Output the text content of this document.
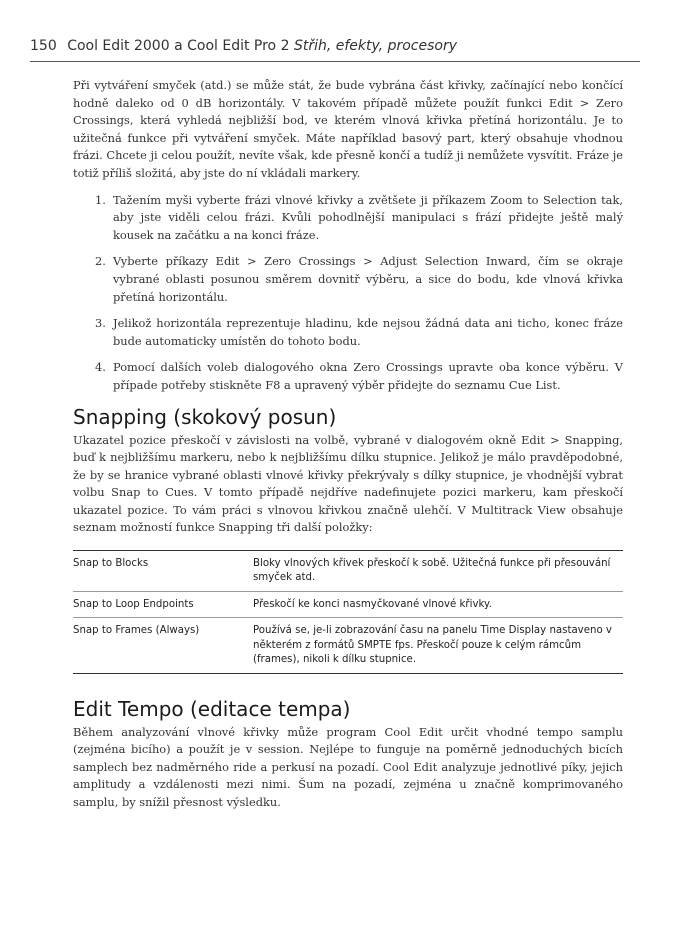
150 Cool Edit 2000 a Cool Edit Pro 2 Střih, efekty, procesory

Při vytváření smyček (atd.) se může stát, že bude vybrána část křivky, začínající nebo končící hodně daleko od 0 dB horizontály. V takovém případě můžete použít funkci Edit > Zero Crossings, která vyhledá nejbližší bod, ve kterém vlnová křivka přetíná horizontálu. Je to užitečná funkce při vytváření smyček. Máte například basový part, který obsahuje vhodnou frázi. Chcete ji celou použít, nevíte však, kde přesně končí a tudíž ji nemůžete vysvítit. Fráze je totiž příliš složitá, aby jste do ní vkládali markery.

1. Tažením myši vyberte frázi vlnové křivky a zvětšete ji příkazem Zoom to Selection tak, aby jste viděli celou frázi. Kvůli pohodlnější manipulaci s frází přidejte ještě malý kousek na začátku a na konci fráze.
2. Vyberte příkazy Edit > Zero Crossings > Adjust Selection Inward, čím se okraje vybrané oblasti posunou směrem dovnitř výběru, a sice do bodu, kde vlnová křivka přetíná horizontálu.
3. Jelikož horizontála reprezentuje hladinu, kde nejsou žádná data ani ticho, konec fráze bude automaticky umístěn do tohoto bodu.
4. Pomocí dalších voleb dialogového okna Zero Crossings upravte oba konce výběru. V případe potřeby stiskněte F8 a upravený výběr přidejte do seznamu Cue List.
Snapping (skokový posun)

Ukazatel pozice přeskočí v závislosti na volbě, vybrané v dialogovém okně Edit > Snapping, buď k nejbližšímu markeru, nebo k nejbližšímu dílku stupnice. Jelikož je málo pravděpodobné, že by se hranice vybrané oblasti vlnové křivky překrývaly s dílky stupnice, je vhodnější vybrat volbu Snap to Cues. V tomto případě nejdříve nadefinujete pozici markeru, kam přeskočí ukazatel pozice. To vám práci s vlnovou křivkou značně ulehčí. V Multitrack View obsahuje seznam možností funkce Snapping tři další položky:

Snap to Blocks	Bloky vlnových křivek přeskočí k sobě. Užitečná funkce při přesouvání smyček atd.
Snap to Loop Endpoints	Přeskočí ke konci nasmyčkované vlnové křivky.
Snap to Frames (Always)	Používá se, je-li zobrazování času na panelu Time Display nastaveno v některém z formátů SMPTE fps. Přeskočí pouze k celým rámcům (frames), nikoli k dílku stupnice.
Edit Tempo (editace tempa)

Během analyzování vlnové křivky může program Cool Edit určit vhodné tempo samplu (zejména bicího) a použít je v session. Nejlépe to funguje na poměrně jednoduchých bicích samplech bez nadměrného ride a perkusí na pozadí. Cool Edit analyzuje jednotlivé píky, jejich amplitudy a vzdálenosti mezi nimi. Šum na pozadí, zejména u značně komprimovaného samplu, by snížil přesnost výsledku.
